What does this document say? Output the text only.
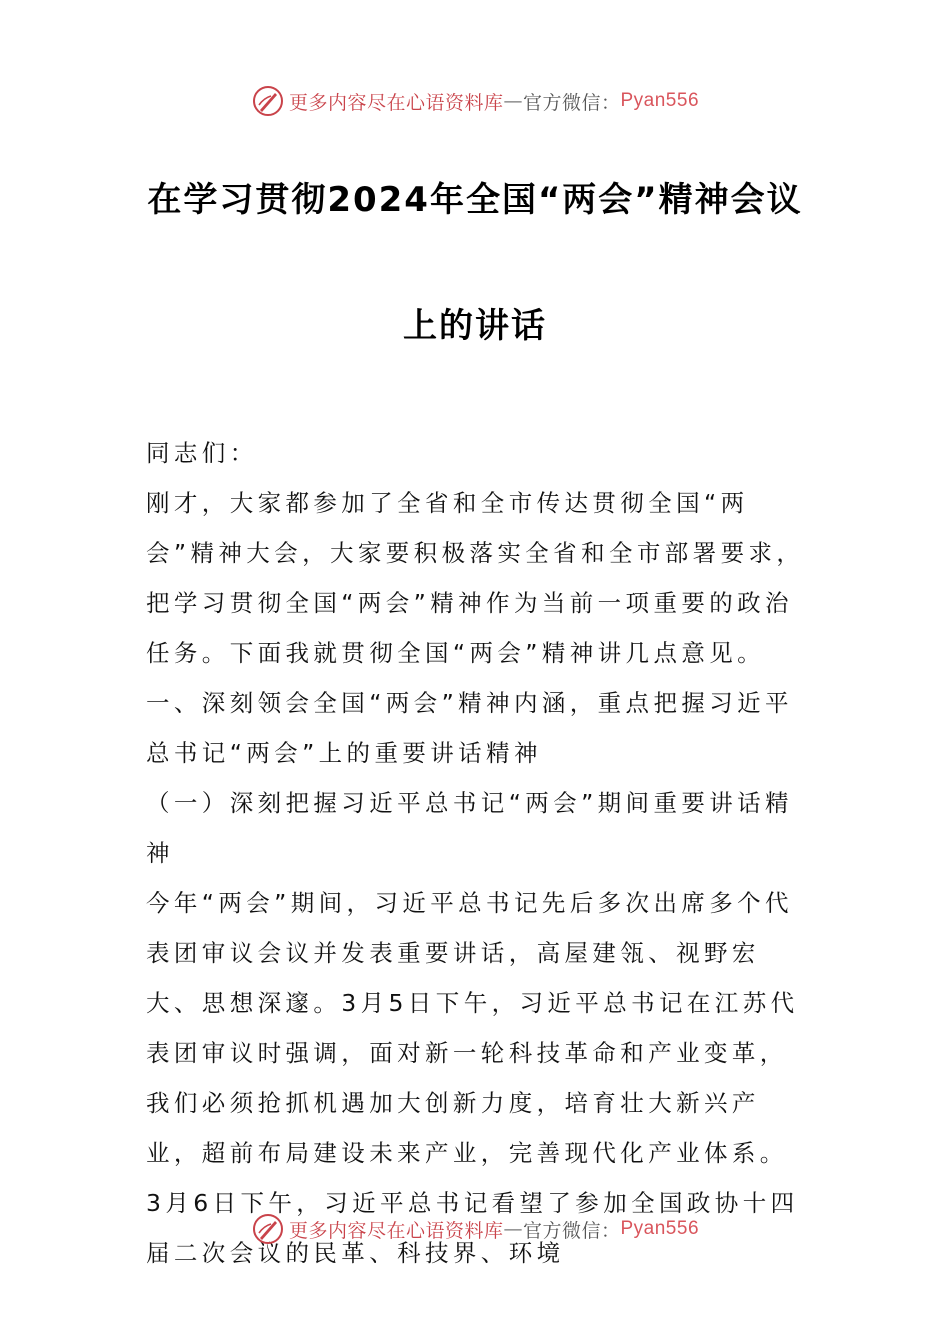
更多内容尽在心语资料库 — 官方微信： Pyan556
在学习贯彻2024年全国“两会”精神会议
上的讲话

同志们：

刚才，大家都参加了全省和全市传达贯彻全国“两会”精神大会，大家要积极落实全省和全市部署要求，把学习贯彻全国“两会”精神作为当前一项重要的政治任务。下面我就贯彻全国“两会”精神讲几点意见。

一、深刻领会全国“两会”精神内涵，重点把握习近平总书记“两会”上的重要讲话精神

（一）深刻把握习近平总书记“两会”期间重要讲话精神

今年“两会”期间，习近平总书记先后多次出席多个代表团审议会议并发表重要讲话，高屋建瓴、视野宏大、思想深邃。3月5日下午，习近平总书记在江苏代表团审议时强调，面对新一轮科技革命和产业变革，我们必须抢抓机遇加大创新力度，培育壮大新兴产业，超前布局建设未来产业，完善现代化产业体系。3月6日下午，习近平总书记看望了参加全国政协十四届二次会议的民革、科技界、环境

更多内容尽在心语资料库 — 官方微信： Pyan556
